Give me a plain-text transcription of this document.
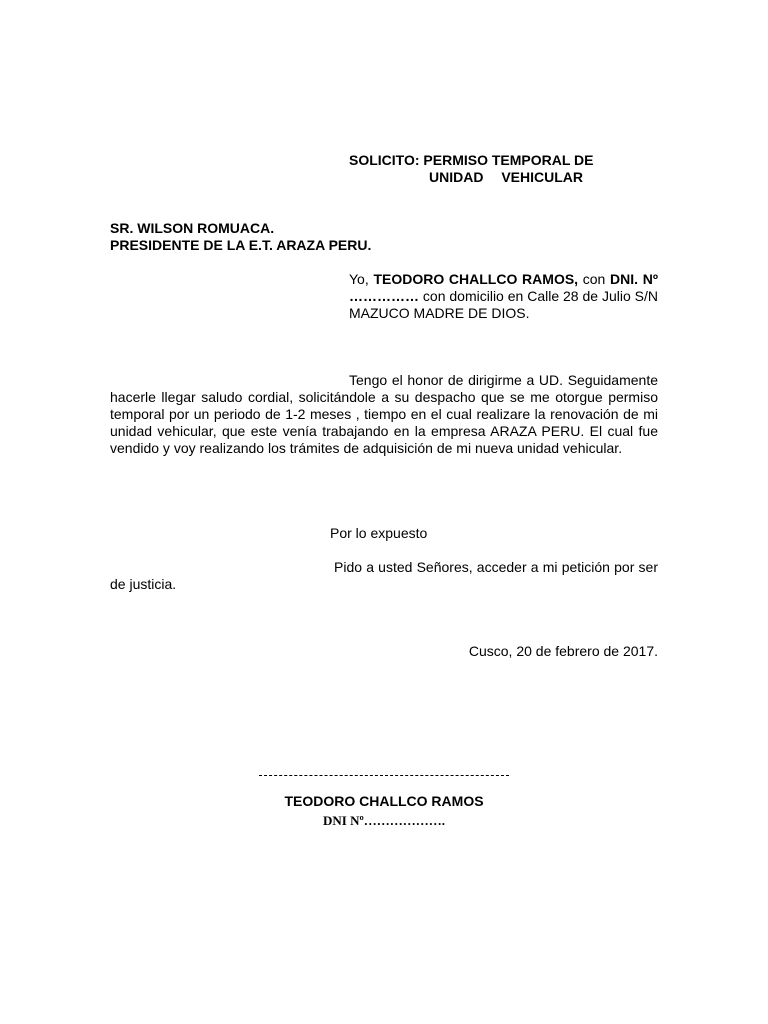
SOLICITO: PERMISO TEMPORAL DE
UNIDAD VEHICULAR
SR. WILSON ROMUACA.
PRESIDENTE DE LA E.T. ARAZA PERU.

Yo, TEODORO CHALLCO RAMOS, con DNI. Nº …………… con domicilio en Calle 28 de Julio S/N MAZUCO MADRE DE DIOS.

Tengo el honor de dirigirme a UD. Seguidamente hacerle llegar saludo cordial, solicitándole a su despacho que se me otorgue permiso temporal por un periodo de 1-2 meses , tiempo en el cual realizare la renovación de mi unidad vehicular, que este venía trabajando en la empresa ARAZA PERU. El cual fue vendido y voy realizando los trámites de adquisición de mi nueva unidad vehicular.

Por lo expuesto

Pido a usted Señores, acceder a mi petición por ser de justicia.

Cusco, 20 de febrero de 2017.

TEODORO CHALLCO RAMOS

DNI Nº……………….
